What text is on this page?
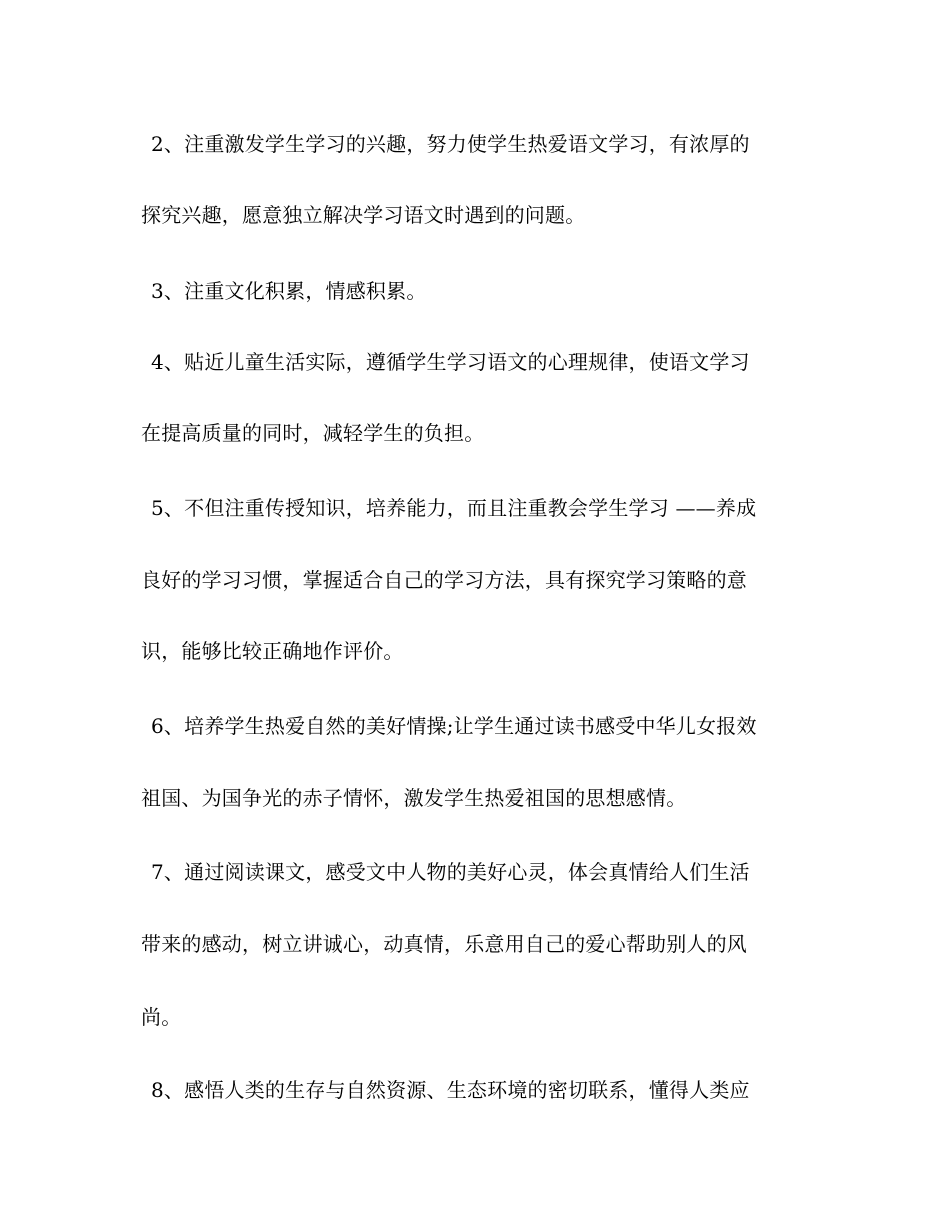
2、注重激发学生学习的兴趣，努力使学生热爱语文学习，有浓厚的
探究兴趣，愿意独立解决学习语文时遇到的问题。
3、注重文化积累，情感积累。
4、贴近儿童生活实际，遵循学生学习语文的心理规律，使语文学习
在提高质量的同时，减轻学生的负担。
5、不但注重传授知识，培养能力，而且注重教会学生学习 ——养成
良好的学习习惯，掌握适合自己的学习方法，具有探究学习策略的意
识，能够比较正确地作评价。
6、培养学生热爱自然的美好情操;让学生通过读书感受中华儿女报效
祖国、为国争光的赤子情怀，激发学生热爱祖国的思想感情。
7、通过阅读课文，感受文中人物的美好心灵，体会真情给人们生活
带来的感动，树立讲诚心，动真情，乐意用自己的爱心帮助别人的风
尚。
8、感悟人类的生存与自然资源、生态环境的密切联系，懂得人类应
